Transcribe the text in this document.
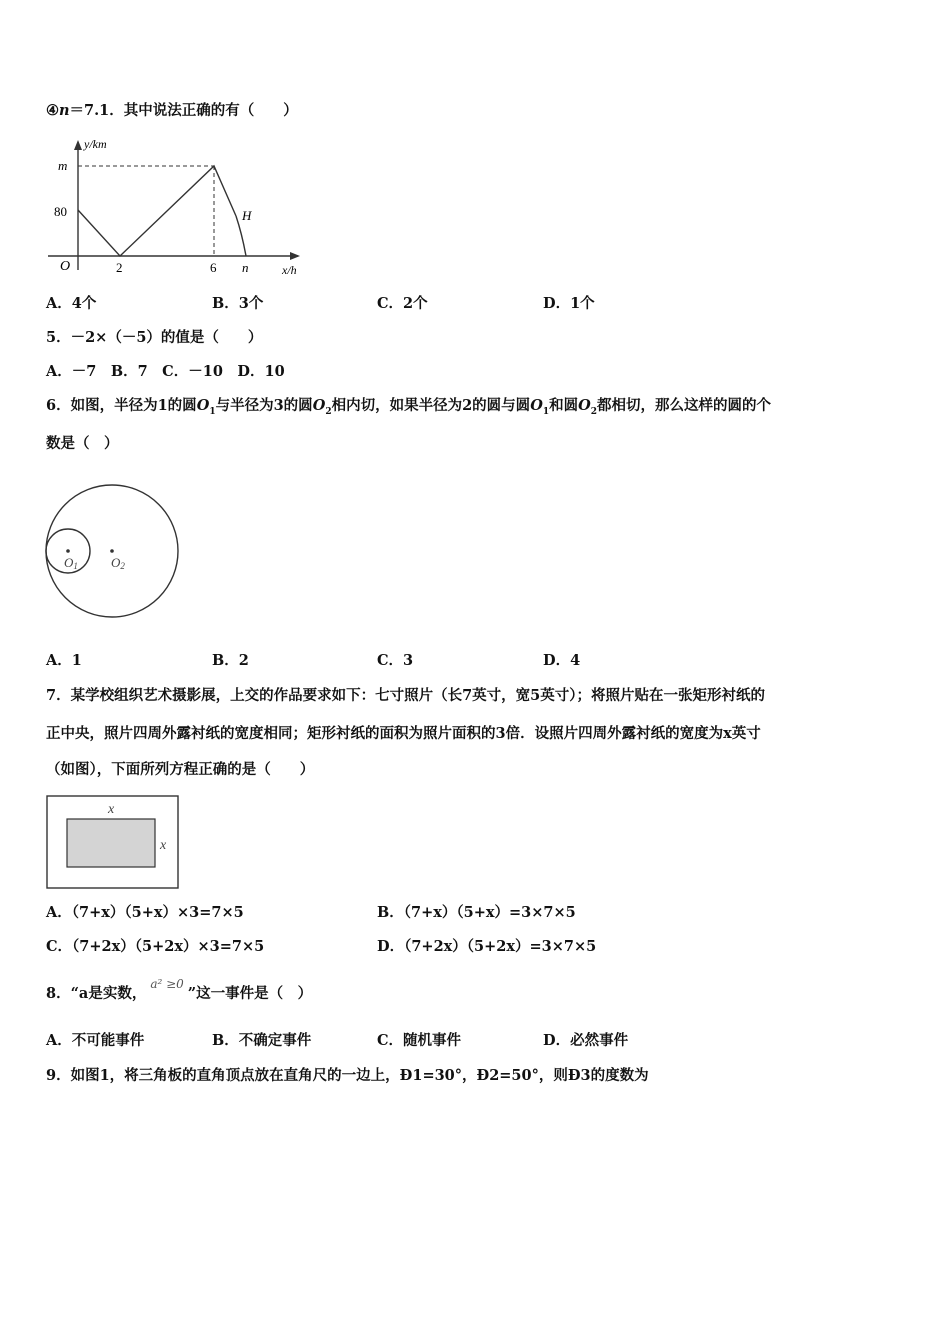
④n＝7.1．其中说法正确的有（　　）
y/km
m
80
O	2	6 n
H
x/h
A．4个	B．3个	C．2个	D．1个
5．－2×（－5）的值是（　　）
A．－7　B．7　C．－10　D．10
6．如图，半径为1的圆$O_1$与半径为3的圆$O_2$相内切，如果半径为2的圆与圆$O_1$和圆$O_2$都相切，那么这样的圆的个
数是（　）
O1	O2
A．1	B．2	C．3	D．4
7．某学校组织艺术摄影展，上交的作品要求如下：七寸照片（长7英寸，宽5英寸）；将照片贴在一张矩形衬纸的
正中央，照片四周外露衬纸的宽度相同；矩形衬纸的面积为照片面积的3倍．设照片四周外露衬纸的宽度为x英寸
（如图），下面所列方程正确的是（　　）
x
x
A．（7+x）（5+x）×3=7×5	B．（7+x）（5+x）=3×7×5
C．（7+2x）（5+2x）×3=7×5	D．（7+2x）（5+2x）=3×7×5
8．“a是实数，a² ≥0”这一事件是（　）
A．不可能事件	B．不确定事件	C．随机事件	D．必然事件
9．如图1，将三角板的直角顶点放在直角尺的一边上，Ð1=30°，Ð2=50°，则Ð3的度数为
